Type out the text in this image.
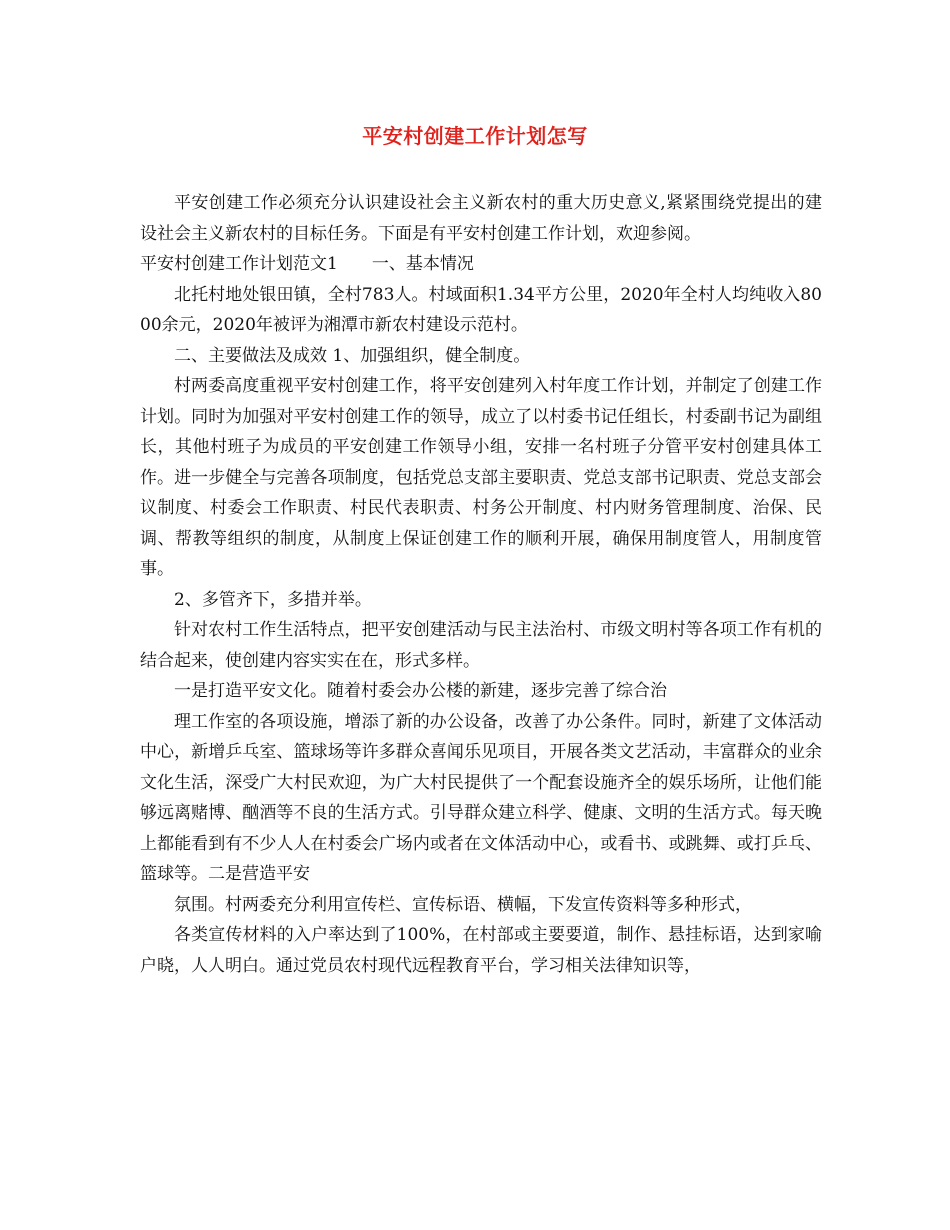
平安村创建工作计划怎写

平安创建工作必须充分认识建设社会主义新农村的重大历史意义,紧紧围绕党提出的建设社会主义新农村的目标任务。下面是有平安村创建工作计划，欢迎参阅。

平安村创建工作计划范文1　　一、基本情况

北托村地处银田镇，全村783人。村域面积1.34平方公里，2020年全村人均纯收入8000余元，2020年被评为湘潭市新农村建设示范村。

二、主要做法及成效 1、加强组织，健全制度。

村两委高度重视平安村创建工作，将平安创建列入村年度工作计划，并制定了创建工作计划。同时为加强对平安村创建工作的领导，成立了以村委书记任组长，村委副书记为副组长，其他村班子为成员的平安创建工作领导小组，安排一名村班子分管平安村创建具体工作。进一步健全与完善各项制度，包括党总支部主要职责、党总支部书记职责、党总支部会议制度、村委会工作职责、村民代表职责、村务公开制度、村内财务管理制度、治保、民调、帮教等组织的制度，从制度上保证创建工作的顺利开展，确保用制度管人，用制度管事。

2、多管齐下，多措并举。

针对农村工作生活特点，把平安创建活动与民主法治村、市级文明村等各项工作有机的结合起来，使创建内容实实在在，形式多样。

一是打造平安文化。随着村委会办公楼的新建，逐步完善了综合治

理工作室的各项设施，增添了新的办公设备，改善了办公条件。同时，新建了文体活动中心，新增乒乓室、篮球场等许多群众喜闻乐见项目，开展各类文艺活动，丰富群众的业余文化生活，深受广大村民欢迎，为广大村民提供了一个配套设施齐全的娱乐场所，让他们能够远离赌博、酗酒等不良的生活方式。引导群众建立科学、健康、文明的生活方式。每天晚上都能看到有不少人人在村委会广场内或者在文体活动中心，或看书、或跳舞、或打乒乓、篮球等。二是营造平安

氛围。村两委充分利用宣传栏、宣传标语、横幅，下发宣传资料等多种形式，

各类宣传材料的入户率达到了100%，在村部或主要要道，制作、悬挂标语，达到家喻户晓，人人明白。通过党员农村现代远程教育平台，学习相关法律知识等，
